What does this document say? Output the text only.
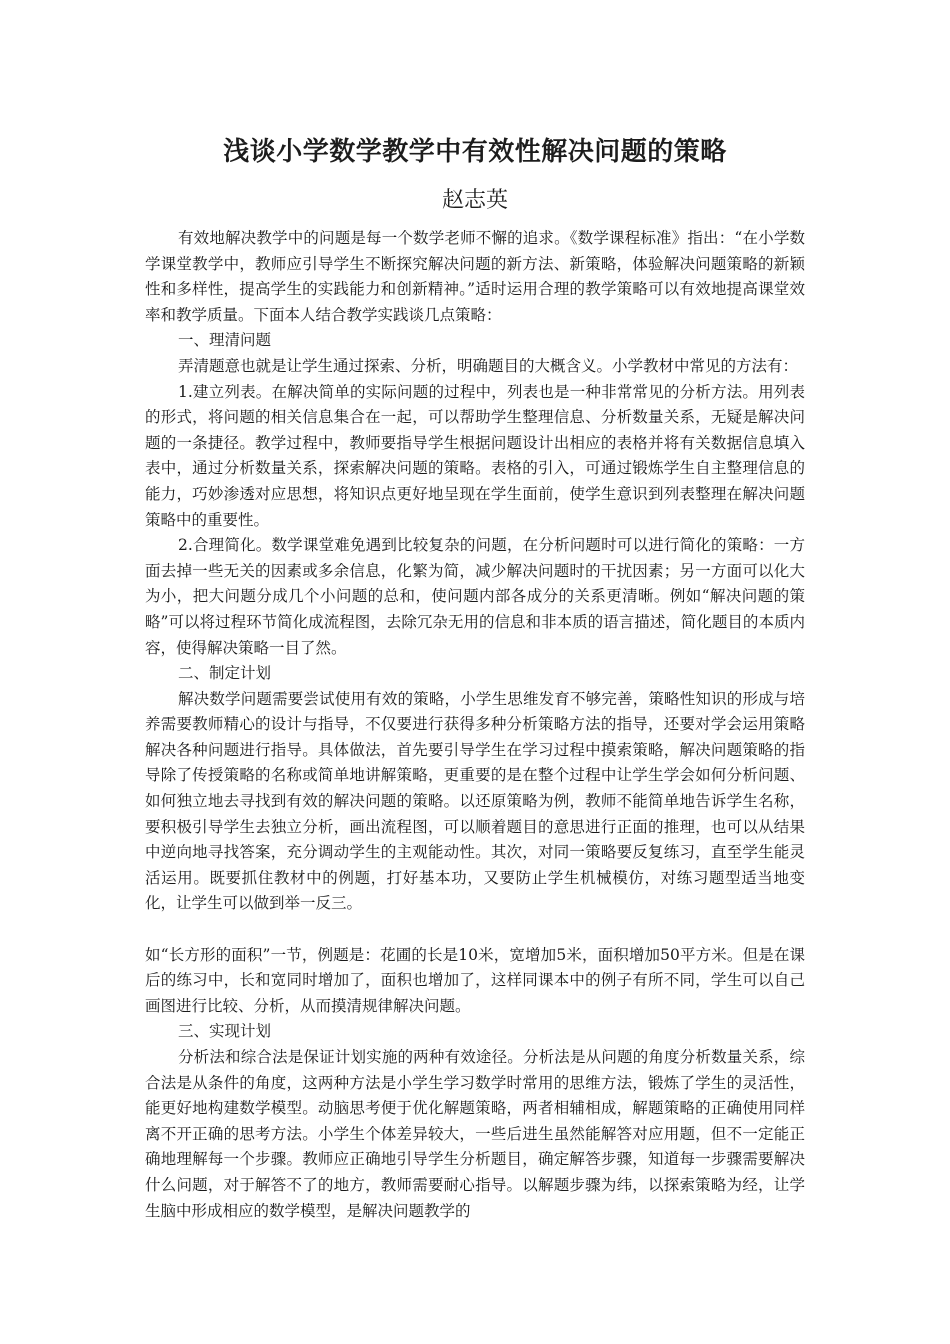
浅谈小学数学教学中有效性解决问题的策略
赵志英

有效地解决教学中的问题是每一个数学老师不懈的追求。《数学课程标准》指出：“在小学数学课堂教学中，教师应引导学生不断探究解决问题的新方法、新策略，体验解决问题策略的新颖性和多样性，提高学生的实践能力和创新精神。”适时运用合理的教学策略可以有效地提高课堂效率和教学质量。下面本人结合教学实践谈几点策略：

一、理清问题

弄清题意也就是让学生通过探索、分析，明确题目的大概含义。小学教材中常见的方法有：

1.建立列表。在解决简单的实际问题的过程中，列表也是一种非常常见的分析方法。用列表的形式，将问题的相关信息集合在一起，可以帮助学生整理信息、分析数量关系，无疑是解决问题的一条捷径。教学过程中，教师要指导学生根据问题设计出相应的表格并将有关数据信息填入表中，通过分析数量关系，探索解决问题的策略。表格的引入，可通过锻炼学生自主整理信息的能力，巧妙渗透对应思想，将知识点更好地呈现在学生面前，使学生意识到列表整理在解决问题策略中的重要性。

2.合理简化。数学课堂难免遇到比较复杂的问题，在分析问题时可以进行简化的策略：一方面去掉一些无关的因素或多余信息，化繁为简，减少解决问题时的干扰因素；另一方面可以化大为小，把大问题分成几个小问题的总和，使问题内部各成分的关系更清晰。例如“解决问题的策略”可以将过程环节简化成流程图，去除冗杂无用的信息和非本质的语言描述，简化题目的本质内容，使得解决策略一目了然。

二、制定计划

解决数学问题需要尝试使用有效的策略，小学生思维发育不够完善，策略性知识的形成与培养需要教师精心的设计与指导，不仅要进行获得多种分析策略方法的指导，还要对学会运用策略解决各种问题进行指导。具体做法，首先要引导学生在学习过程中摸索策略，解决问题策略的指导除了传授策略的名称或简单地讲解策略，更重要的是在整个过程中让学生学会如何分析问题、如何独立地去寻找到有效的解决问题的策略。以还原策略为例，教师不能简单地告诉学生名称，要积极引导学生去独立分析，画出流程图，可以顺着题目的意思进行正面的推理，也可以从结果中逆向地寻找答案，充分调动学生的主观能动性。其次，对同一策略要反复练习，直至学生能灵活运用。既要抓住教材中的例题，打好基本功，又要防止学生机械模仿，对练习题型适当地变化，让学生可以做到举一反三。

如“长方形的面积”一节，例题是：花圃的长是10米，宽增加5米，面积增加50平方米。但是在课后的练习中，长和宽同时增加了，面积也增加了，这样同课本中的例子有所不同，学生可以自己画图进行比较、分析，从而摸清规律解决问题。

三、实现计划

分析法和综合法是保证计划实施的两种有效途径。分析法是从问题的角度分析数量关系，综合法是从条件的角度，这两种方法是小学生学习数学时常用的思维方法，锻炼了学生的灵活性，能更好地构建数学模型。动脑思考便于优化解题策略，两者相辅相成，解题策略的正确使用同样离不开正确的思考方法。小学生个体差异较大，一些后进生虽然能解答对应用题，但不一定能正确地理解每一个步骤。教师应正确地引导学生分析题目，确定解答步骤，知道每一步骤需要解决什么问题，对于解答不了的地方，教师需要耐心指导。以解题步骤为纬，以探索策略为经，让学生脑中形成相应的数学模型，是解决问题教学的
